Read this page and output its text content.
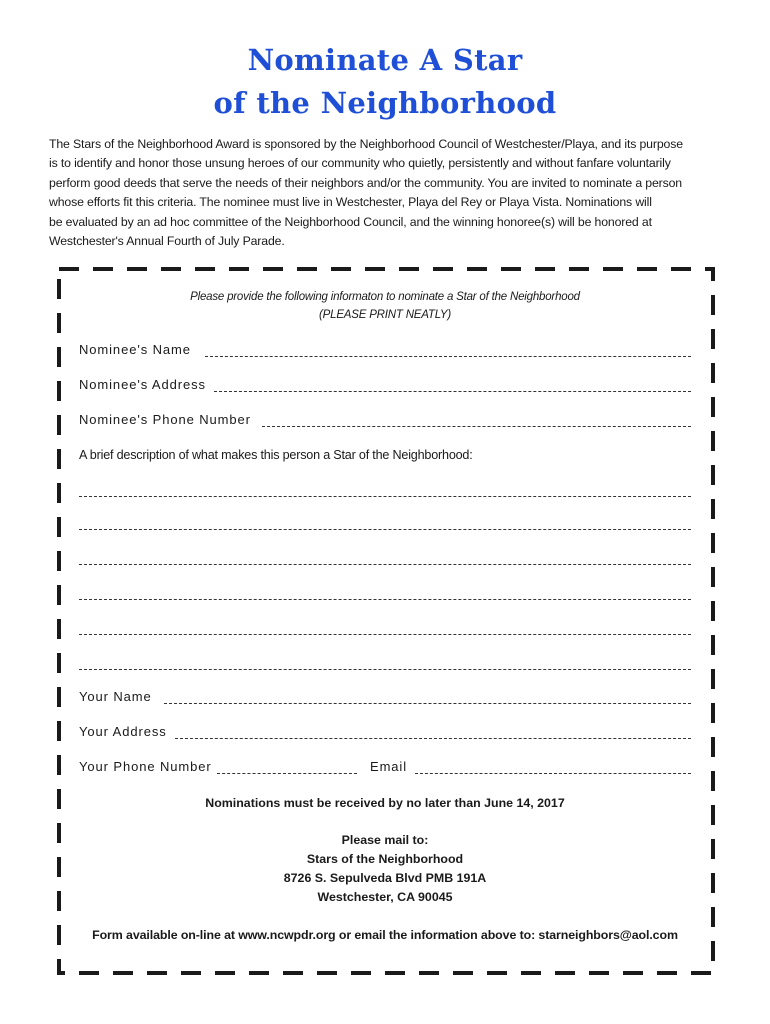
Nominate A Star
of the Neighborhood
The Stars of the Neighborhood Award is sponsored by the Neighborhood Council of Westchester/Playa, and its purpose
is to identify and honor those unsung heroes of our community who quietly, persistently and without fanfare voluntarily
perform good deeds that serve the needs of their neighbors and/or the community. You are invited to nominate a person
whose efforts fit this criteria. The nominee must live in Westchester, Playa del Rey or Playa Vista. Nominations will
be evaluated by an ad hoc committee of the Neighborhood Council, and the winning honoree(s) will be honored at
Westchester's Annual Fourth of July Parade.
Please provide the following informaton to nominate a Star of the Neighborhood
(PLEASE PRINT NEATLY)
Nominee's Name
Nominee's Address
Nominee's Phone Number
A brief description of what makes this person a Star of the Neighborhood:
Your Name
Your Address
Your Phone Number	Email
Nominations must be received by no later than June 14, 2017
Please mail to:
Stars of the Neighborhood
8726 S. Sepulveda Blvd PMB 191A
Westchester, CA 90045
Form available on-line at www.ncwpdr.org or email the information above to: starneighbors@aol.com
